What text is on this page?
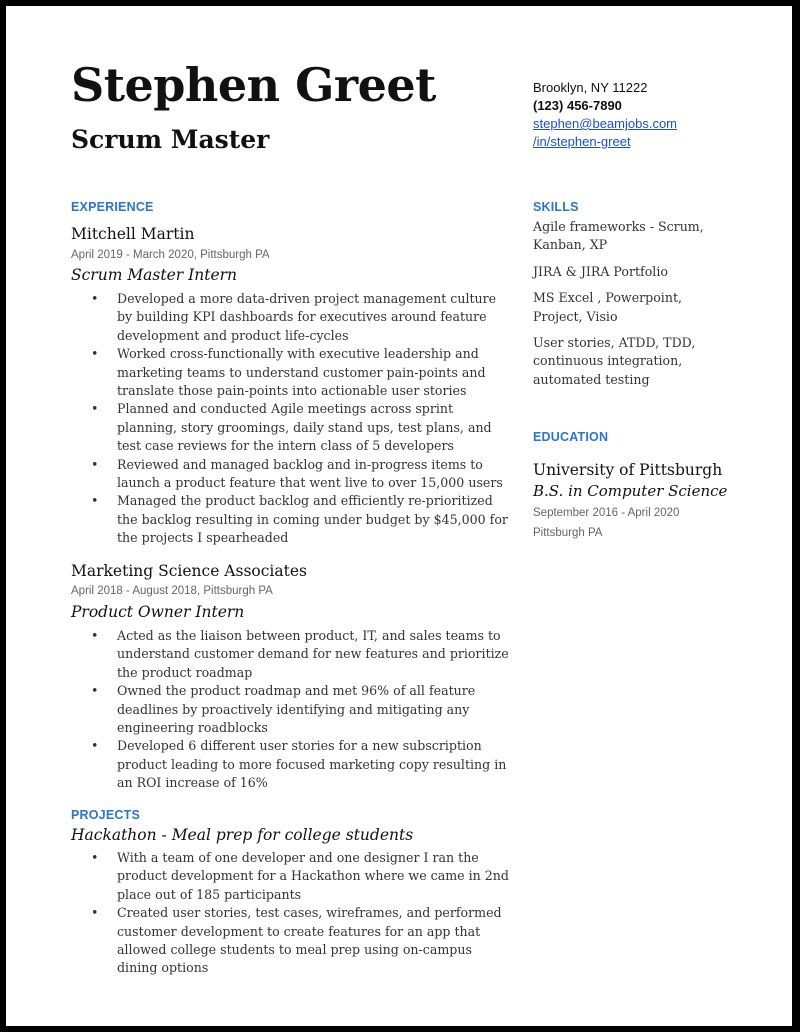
Stephen Greet
Scrum Master
Brooklyn, NY 11222
(123) 456-7890
stephen@beamjobs.com
/in/stephen-greet
EXPERIENCE
Mitchell Martin
April 2019 - March 2020, Pittsburgh PA
Scrum Master Intern
• Developed a more data-driven project management culture by building KPI dashboards for executives around feature development and product life-cycles
• Worked cross-functionally with executive leadership and marketing teams to understand customer pain-points and translate those pain-points into actionable user stories
• Planned and conducted Agile meetings across sprint planning, story groomings, daily stand ups, test plans, and test case reviews for the intern class of 5 developers
• Reviewed and managed backlog and in-progress items to launch a product feature that went live to over 15,000 users
• Managed the product backlog and efficiently re-prioritized the backlog resulting in coming under budget by $45,000 for the projects I spearheaded
Marketing Science Associates
April 2018 - August 2018, Pittsburgh PA
Product Owner Intern
• Acted as the liaison between product, IT, and sales teams to understand customer demand for new features and prioritize the product roadmap
• Owned the product roadmap and met 96% of all feature deadlines by proactively identifying and mitigating any engineering roadblocks
• Developed 6 different user stories for a new subscription product leading to more focused marketing copy resulting in an ROI increase of 16%
PROJECTS
Hackathon - Meal prep for college students
• With a team of one developer and one designer I ran the product development for a Hackathon where we came in 2nd place out of 185 participants
• Created user stories, test cases, wireframes, and performed customer development to create features for an app that allowed college students to meal prep using on-campus dining options
SKILLS
Agile frameworks - Scrum, Kanban, XP
JIRA & JIRA Portfolio
MS Excel , Powerpoint, Project, Visio
User stories, ATDD, TDD, continuous integration, automated testing
EDUCATION
University of Pittsburgh
B.S. in Computer Science
September 2016 - April 2020
Pittsburgh PA
